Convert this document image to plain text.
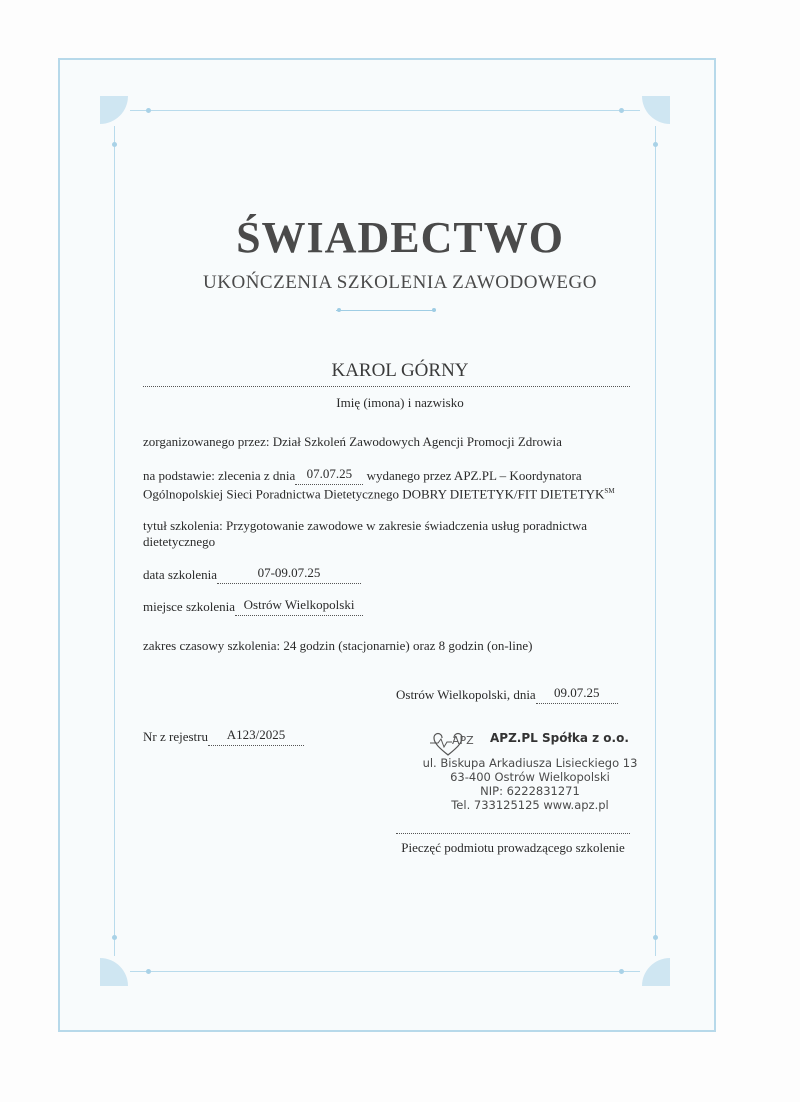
ŚWIADECTWO
UKOŃCZENIA SZKOLENIA ZAWODOWEGO
KAROL GÓRNY
Imię (imona) i nazwisko
zorganizowanego przez: Dział Szkoleń Zawodowych Agencji Promocji Zdrowia
na podstawie: zlecenia z dnia 07.07.25	wydanego przez APZ.PL – Koordynatora
Ogólnopolskiej Sieci Poradnictwa Dietetycznego DOBRY DIETETYK/FIT DIETETYK℠
tytuł szkolenia: Przygotowanie zawodowe w zakresie świadczenia usług poradnictwa
dietetycznego
data szkolenia	07-09.07.25

miejsce szkolenia Ostrów Wielkopolski

zakres czasowy szkolenia: 24 godzin (stacjonarnie) oraz 8 godzin (on-line)
Ostrów Wielkopolski, dnia	09.07.25

Nr z rejestru	A123/2025
	APZ APZ.PL Spółka z o.o.
ul. Biskupa Arkadiusza Lisieckiego 13
63-400 Ostrów Wielkopolski
NIP: 6222831271
Tel. 733125125 www.apz.pl
Pieczęć podmiotu prowadzącego szkolenie
